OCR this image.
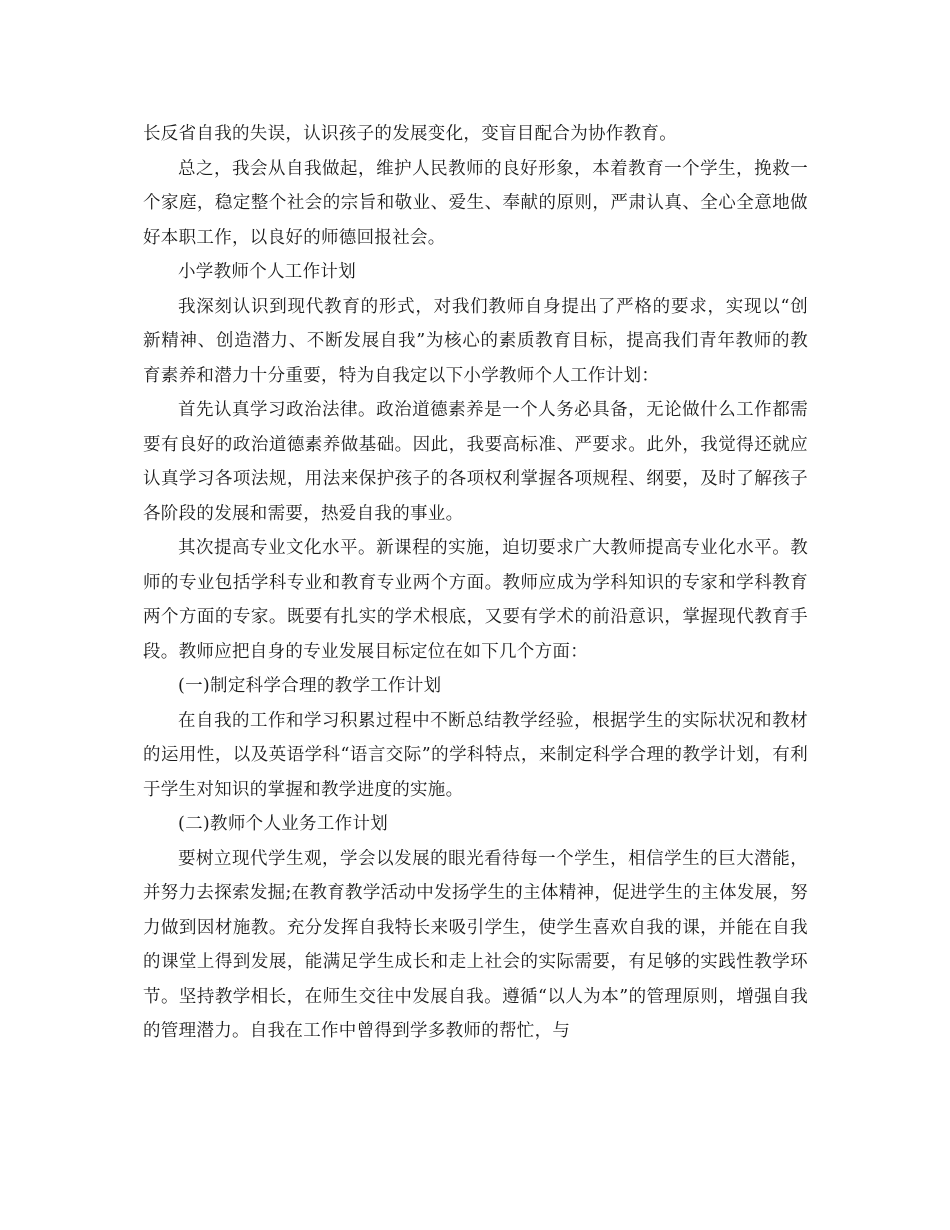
长反省自我的失误，认识孩子的发展变化，变盲目配合为协作教育。

总之，我会从自我做起，维护人民教师的良好形象，本着教育一个学生，挽救一个家庭，稳定整个社会的宗旨和敬业、爱生、奉献的原则，严肃认真、全心全意地做好本职工作，以良好的师德回报社会。

小学教师个人工作计划

我深刻认识到现代教育的形式，对我们教师自身提出了严格的要求，实现以“创新精神、创造潜力、不断发展自我”为核心的素质教育目标，提高我们青年教师的教育素养和潜力十分重要，特为自我定以下小学教师个人工作计划：

首先认真学习政治法律。政治道德素养是一个人务必具备，无论做什么工作都需要有良好的政治道德素养做基础。因此，我要高标准、严要求。此外，我觉得还就应认真学习各项法规，用法来保护孩子的各项权利掌握各项规程、纲要，及时了解孩子各阶段的发展和需要，热爱自我的事业。

其次提高专业文化水平。新课程的实施，迫切要求广大教师提高专业化水平。教师的专业包括学科专业和教育专业两个方面。教师应成为学科知识的专家和学科教育两个方面的专家。既要有扎实的学术根底，又要有学术的前沿意识，掌握现代教育手段。教师应把自身的专业发展目标定位在如下几个方面：

(一)制定科学合理的教学工作计划

在自我的工作和学习积累过程中不断总结教学经验，根据学生的实际状况和教材的运用性，以及英语学科“语言交际”的学科特点，来制定科学合理的教学计划，有利于学生对知识的掌握和教学进度的实施。

(二)教师个人业务工作计划

要树立现代学生观，学会以发展的眼光看待每一个学生，相信学生的巨大潜能，并努力去探索发掘;在教育教学活动中发扬学生的主体精神，促进学生的主体发展，努力做到因材施教。充分发挥自我特长来吸引学生，使学生喜欢自我的课，并能在自我的课堂上得到发展，能满足学生成长和走上社会的实际需要，有足够的实践性教学环节。坚持教学相长，在师生交往中发展自我。遵循“以人为本”的管理原则，增强自我的管理潜力。自我在工作中曾得到学多教师的帮忙，与
